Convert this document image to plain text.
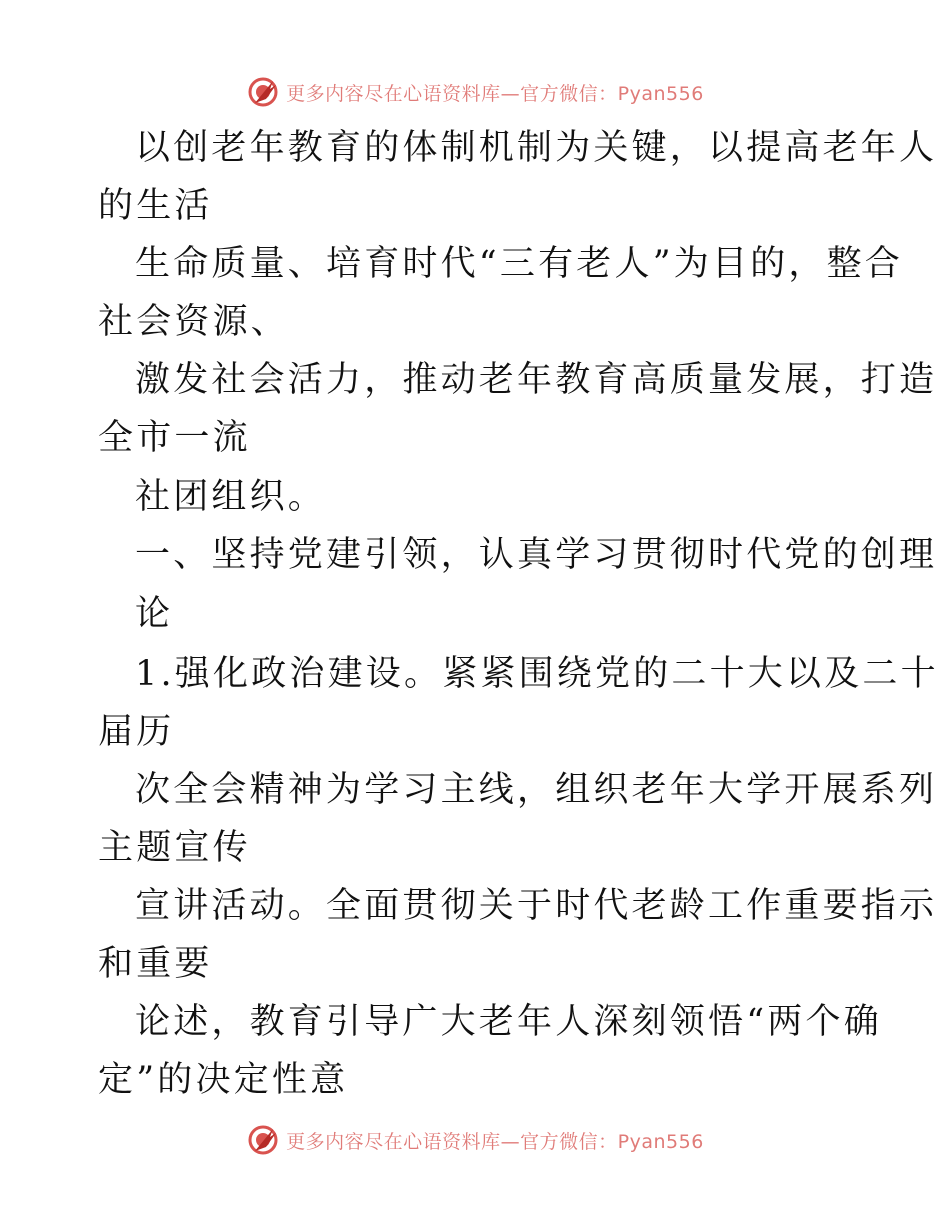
更多内容尽在心语资料库—官方微信：Pyan556
以创老年教育的体制机制为关键，以提高老年人
的生活
生命质量、培育时代“三有老人”为目的，整合
社会资源、
激发社会活力，推动老年教育高质量发展，打造
全市一流
社团组织。
一、坚持党建引领，认真学习贯彻时代党的创理
论
1.强化政治建设。紧紧围绕党的二十大以及二十
届历
次全会精神为学习主线，组织老年大学开展系列
主题宣传
宣讲活动。全面贯彻关于时代老龄工作重要指示
和重要
论述，教育引导广大老年人深刻领悟“两个确
定”的决定性意
更多内容尽在心语资料库—官方微信：Pyan556
